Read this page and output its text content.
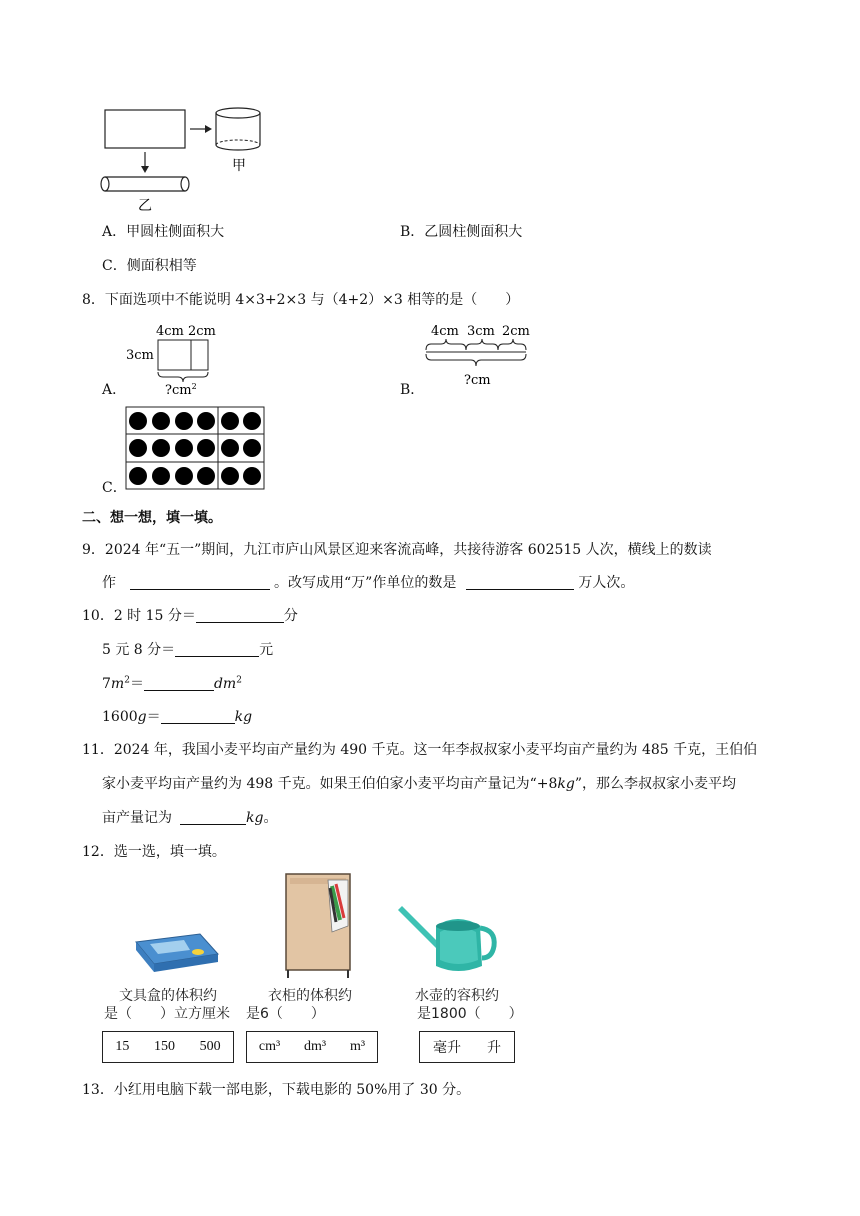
甲
乙
A．甲圆柱侧面积大	B．乙圆柱侧面积大
C．侧面积相等
8．下面选项中不能说明 4×3+2×3 与（4+2）×3 相等的是（　　）
A．
4cm 2cm
3cm
$?cm^2$	B．
4cm 3cm 2cm
?cm
C．
二、想一想，填一填。
9．2024 年“五一”期间，九江市庐山风景区迎来客流高峰，共接待游客 602515 人次，横线上的数读
作	。改写成用“万”作单位的数是	万人次。
10．2 时 15 分＝	分
5 元 8 分＝	元
$7m^2=$	$dm^2$
1600g＝	kg
11．2024 年，我国小麦平均亩产量约为 490 千克。这一年李叔叔家小麦平均亩产量约为 485 千克，王伯伯
家小麦平均亩产量约为 498 千克。如果王伯伯家小麦平均亩产量记为“+8kg”，那么李叔叔家小麦平均
亩产量记为	kg。
12．选一选，填一填。
文具盒的体积约
是（　　）立方厘米
15 150 500
衣柜的体积约
是6（　　）
cm³ dm³ m³
水壶的容积约
是1800（　　）
毫升 升
13．小红用电脑下载一部电影，下载电影的 50%用了 30 分。
